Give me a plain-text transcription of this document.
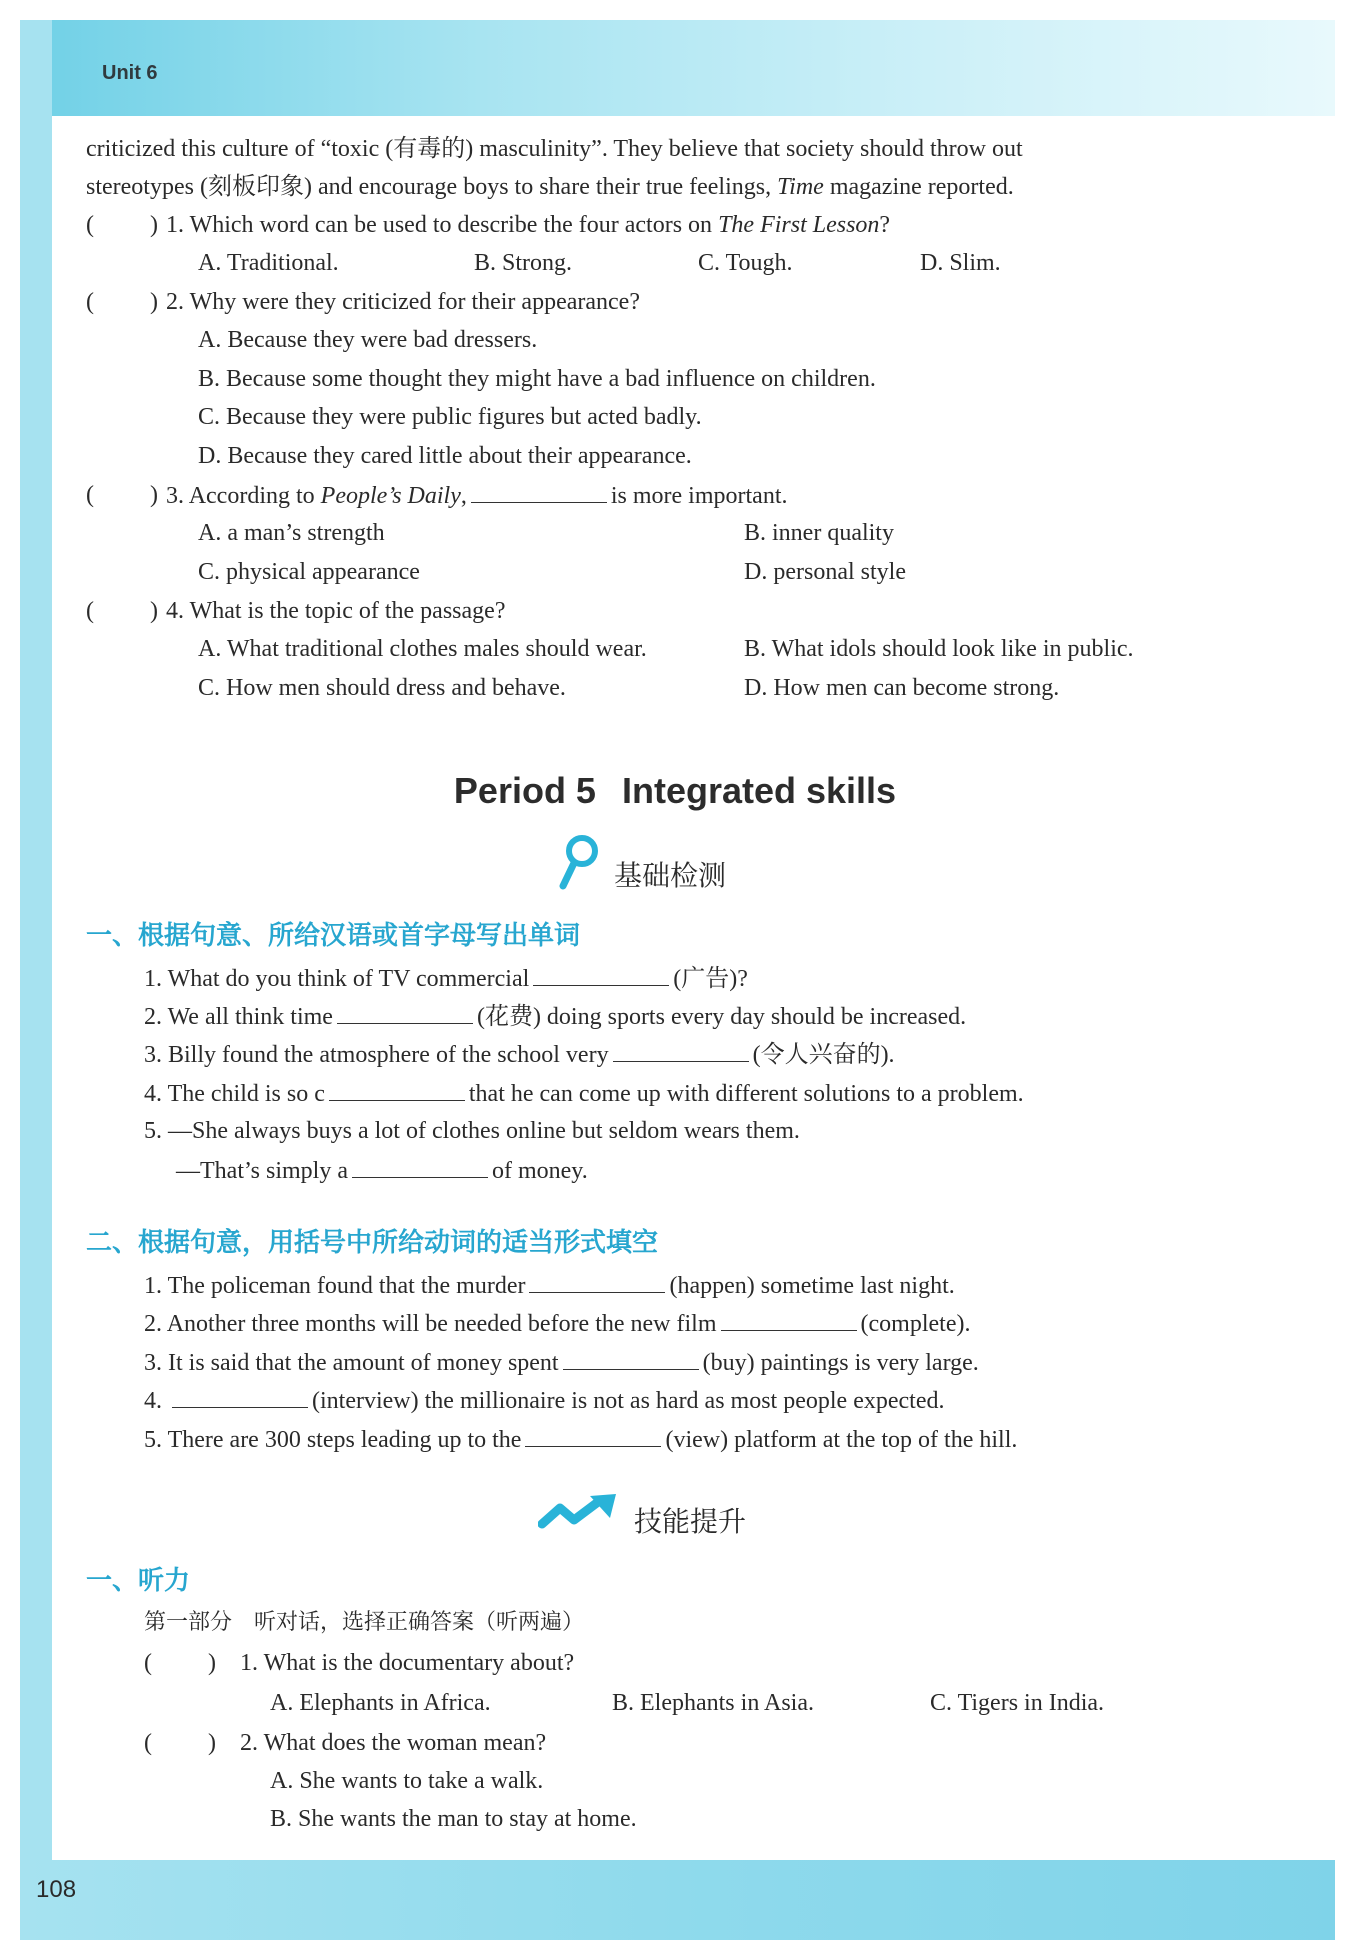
Unit 6
criticized this culture of “toxic (有毒的) masculinity”. They believe that society should throw out
stereotypes (刻板印象) and encourage boys to share their true feelings, Time magazine reported.
( ) 1. Which word can be used to describe the four actors on The First Lesson?
A. Traditional.	B. Strong.	C. Tough.	D. Slim.
( ) 2. Why were they criticized for their appearance?
A. Because they were bad dressers.
B. Because some thought they might have a bad influence on children.
C. Because they were public figures but acted badly.
D. Because they cared little about their appearance.
( ) 3. According to People’s Daily,	is more important.
A. a man’s strength	B. inner quality
C. physical appearance	D. personal style
( ) 4. What is the topic of the passage?
A. What traditional clothes males should wear.	B. What idols should look like in public.
C. How men should dress and behave.	D. How men can become strong.
Period 5 Integrated skills
基础检测
一、根据句意、所给汉语或首字母写出单词
1. What do you think of TV commercial	(广告)?
2. We all think time	(花费) doing sports every day should be increased.
3. Billy found the atmosphere of the school very	(令人兴奋的).
4. The child is so c	that he can come up with different solutions to a problem.
5. —She always buys a lot of clothes online but seldom wears them.
—That’s simply a	of money.
二、根据句意，用括号中所给动词的适当形式填空
1. The policeman found that the murder	(happen) sometime last night.
2. Another three months will be needed before the new film	(complete).
3. It is said that the amount of money spent	(buy) paintings is very large.
4.	(interview) the millionaire is not as hard as most people expected.
5. There are 300 steps leading up to the	(view) platform at the top of the hill.
技能提升
一、听力
第一部分　听对话，选择正确答案（听两遍）
( ) 1. What is the documentary about?
A. Elephants in Africa.	B. Elephants in Asia.	C. Tigers in India.
( ) 2. What does the woman mean?
A. She wants to take a walk.
B. She wants the man to stay at home.
108
